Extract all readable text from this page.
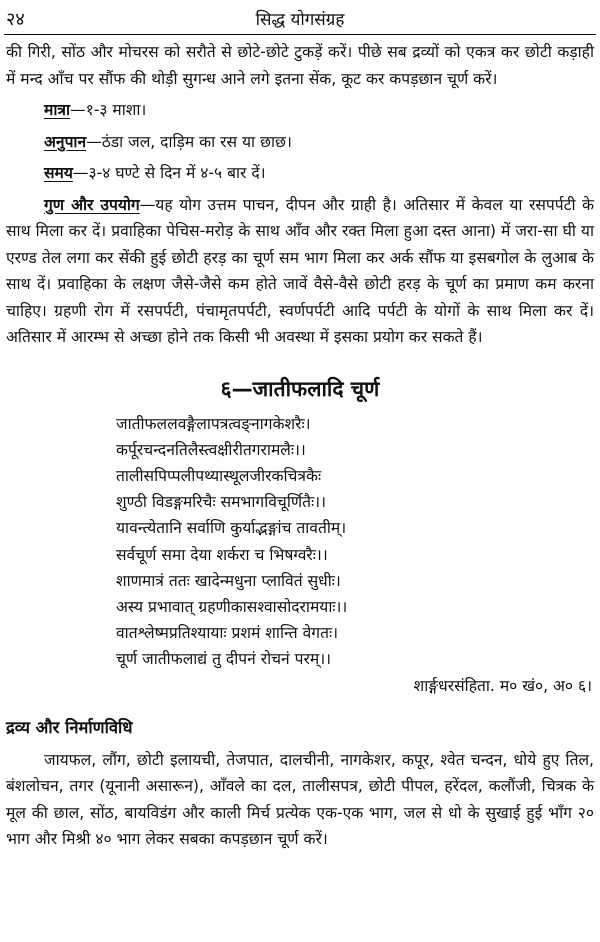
२४	सिद्ध योगसंग्रह

की गिरी, सोंठ और मोचरस को सरौते से छोटे-छोटे टुकड़ें करें। पीछे सब द्रव्यों को एकत्र कर छोटी कड़ाही में मन्द आँच पर सौंफ की थोड़ी सुगन्ध आने लगे इतना सेंक, कूट कर कपड़छान चूर्ण करें।

मात्रा—१-३ माशा।

अनुपान—ठंडा जल, दाड़िम का रस या छाछ।

समय—३-४ घण्टे से दिन में ४-५ बार दें।

गुण और उपयोग—यह योग उत्तम पाचन, दीपन और ग्राही है। अतिसार में केवल या रसपर्पटी के साथ मिला कर दें। प्रवाहिका पेचिस-मरोड़ के साथ आँव और रक्त मिला हुआ दस्त आना) में जरा-सा घी या एरण्ड तेल लगा कर सेंकी हुई छोटी हरड़ का चूर्ण सम भाग मिला कर अर्क सौंफ या इसबगोल के लुआब के साथ दें। प्रवाहिका के लक्षण जैसे-जैसे कम होते जावें वैसे-वैसे छोटी हरड़ के चूर्ण का प्रमाण कम करना चाहिए। ग्रहणी रोग में रसपर्पटी, पंचामृतपर्पटी, स्वर्णपर्पटी आदि पर्पटी के योगों के साथ मिला कर दें। अतिसार में आरम्भ से अच्छा होने तक किसी भी अवस्था में इसका प्रयोग कर सकते हैं।

६—जातीफलादि चूर्ण
जातीफललवङ्गैलापत्रत्वङ्नागकेशरैः।
कर्पूरचन्दनतिलैस्त्वक्षीरीतगरामलैः।।
तालीसपिप्पलीपथ्यास्थूलजीरकचित्रकैः
शुण्ठी विडङ्गमरिचैः समभागविचूर्णितैः।।
यावन्त्येतानि सर्वाणि कुर्याद्भङ्गांच तावतीम्।
सर्वचूर्ण समा देया शर्करा च भिषग्वरैः।।
शाणमात्रं ततः खादेन्मधुना प्लावितं सुधीः।
अस्य प्रभावात् ग्रहणीकासश्वासोदरामयाः।।
वातश्लेष्मप्रतिश्यायाः प्रशमं शान्ति वेगतः।
चूर्ण जातीफलाद्यं तु दीपनं रोचनं परम्।।

शार्ङ्गधरसंहिता. म० खं०, अ० ६।

द्रव्य और निर्माणविधि

जायफल, लौंग, छोटी इलायची, तेजपात, दालचीनी, नागकेशर, कपूर, श्वेत चन्दन, धोये हुए तिल, बंशलोचन, तगर (यूनानी असारून), आँवले का दल, तालीसपत्र, छोटी पीपल, हरेंदल, कलौंजी, चित्रक के मूल की छाल, सोंठ, बायविडंग और काली मिर्च प्रत्येक एक-एक भाग, जल से धो के सुखाई हुई भाँग २० भाग और मिश्री ४० भाग लेकर सबका कपड़छान चूर्ण करें।
